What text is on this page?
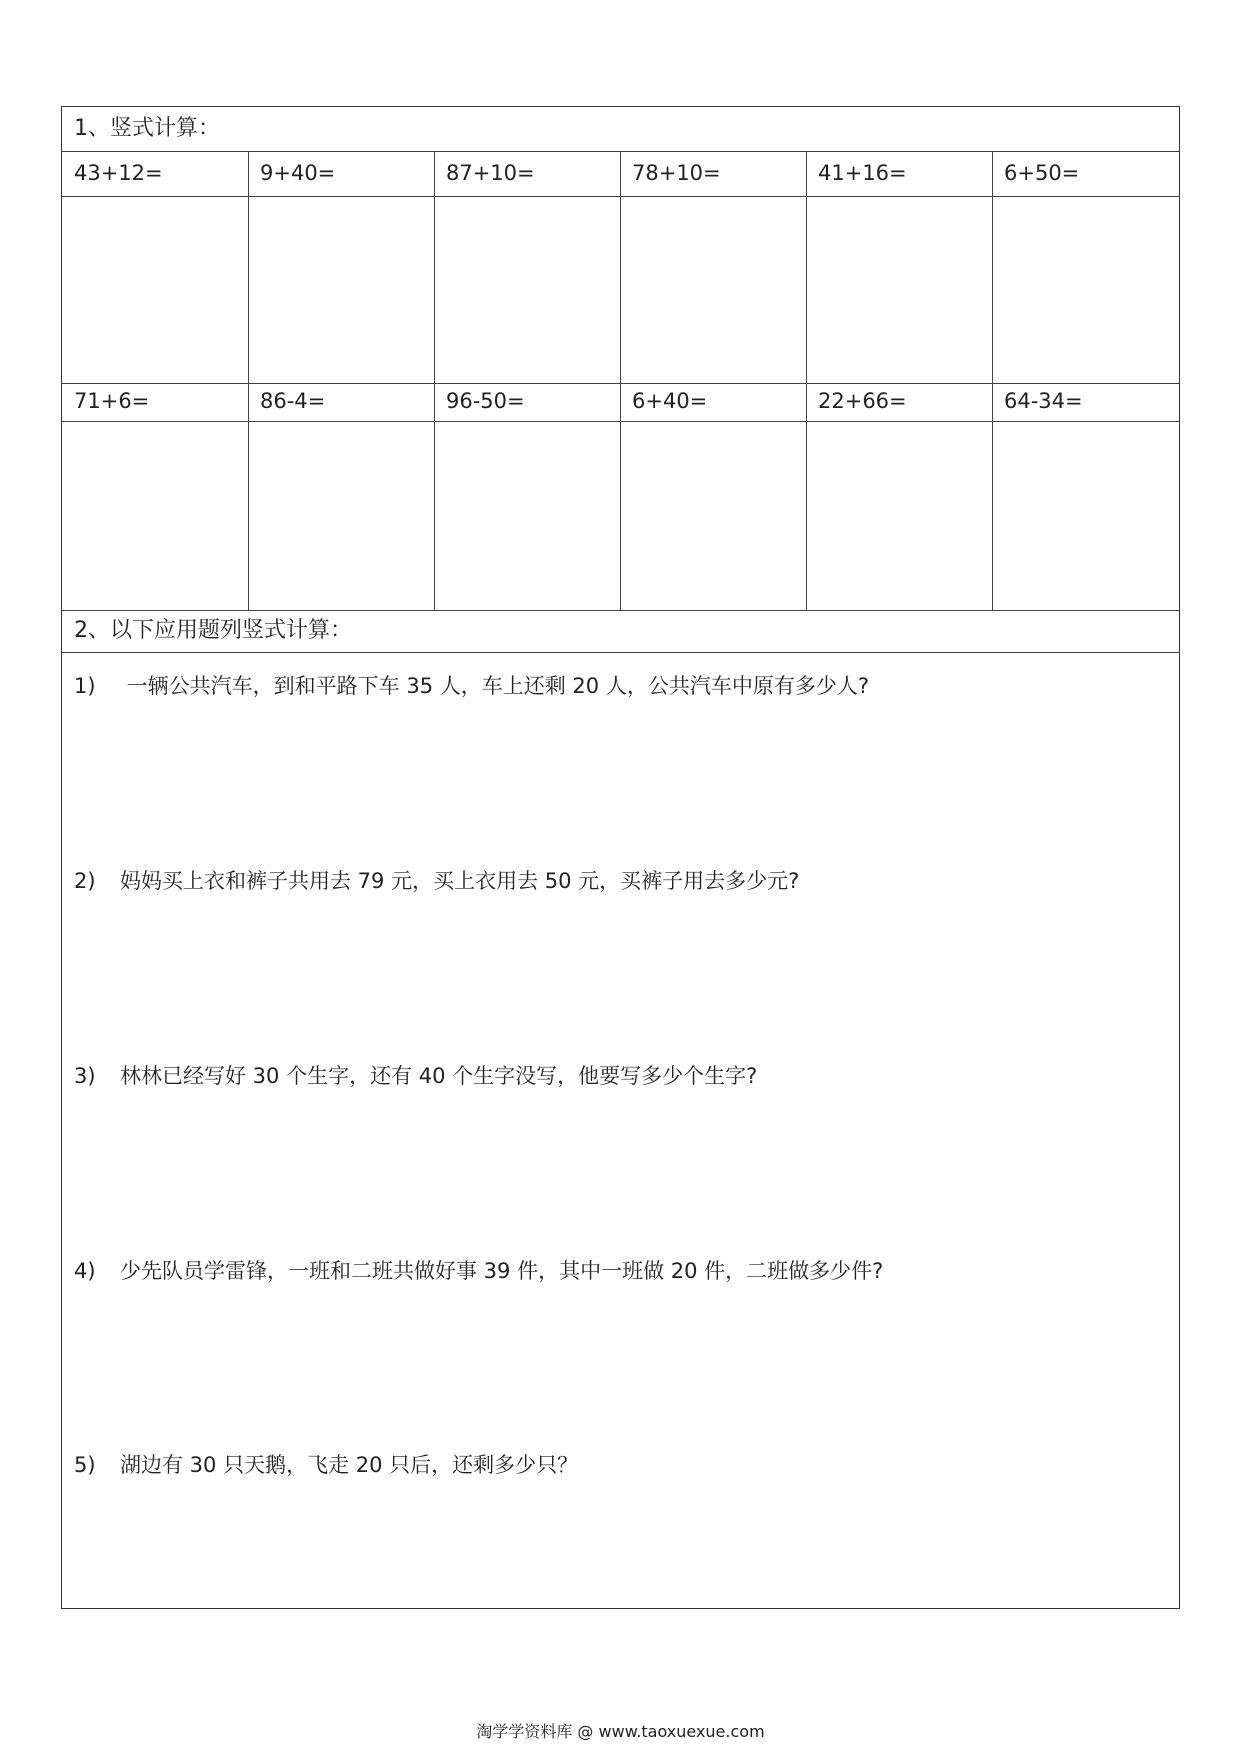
1、竖式计算：
43+12=	9+40=	87+10=	78+10=	41+16=	6+50=
71+6=	86-4=	96-50=	6+40=	22+66=	64-34=
2、以下应用题列竖式计算：
1) 一辆公共汽车，到和平路下车 35 人，车上还剩 20 人，公共汽车中原有多少人?
2) 妈妈买上衣和裤子共用去 79 元，买上衣用去 50 元，买裤子用去多少元?
3) 林林已经写好 30 个生字，还有 40 个生字没写，他要写多少个生字?
4) 少先队员学雷锋，一班和二班共做好事 39 件，其中一班做 20 件，二班做多少件?
5) 湖边有 30 只天鹅，飞走 20 只后，还剩多少只？
淘学学资料库 @ www.taoxuexue.com
